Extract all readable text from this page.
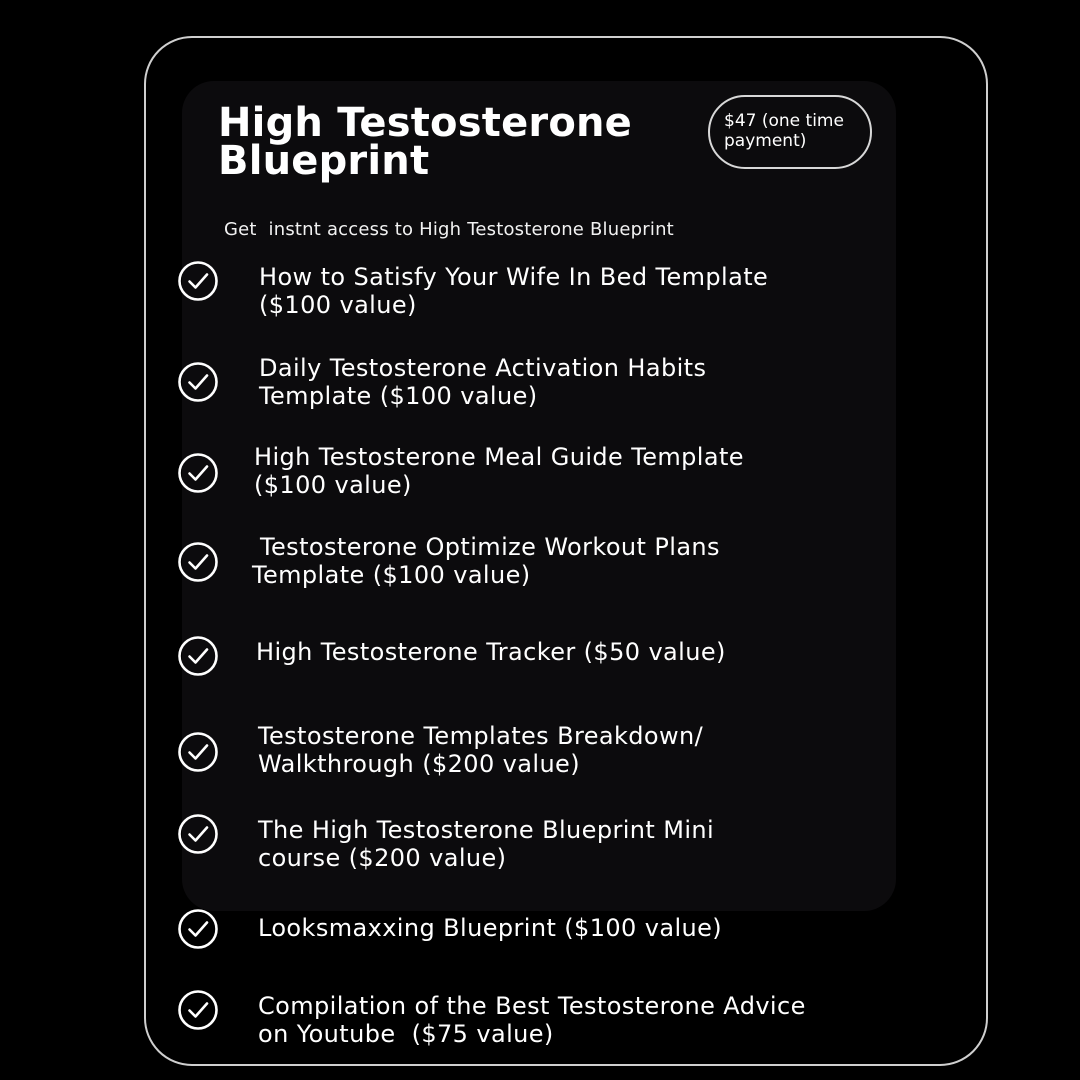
High Testosterone
Blueprint
$47 (one time
payment)
Get  instnt access to High Testosterone Blueprint
How to Satisfy Your Wife In Bed Template
($100 value)
Daily Testosterone Activation Habits
Template ($100 value)
High Testosterone Meal Guide Template
($100 value)
Testosterone Optimize Workout Plans
Template ($100 value)
High Testosterone Tracker ($50 value)
Testosterone Templates Breakdown/
Walkthrough ($200 value)
The High Testosterone Blueprint Mini
course ($200 value)
Looksmaxxing Blueprint ($100 value)
Compilation of the Best Testosterone Advice
on Youtube  ($75 value)
